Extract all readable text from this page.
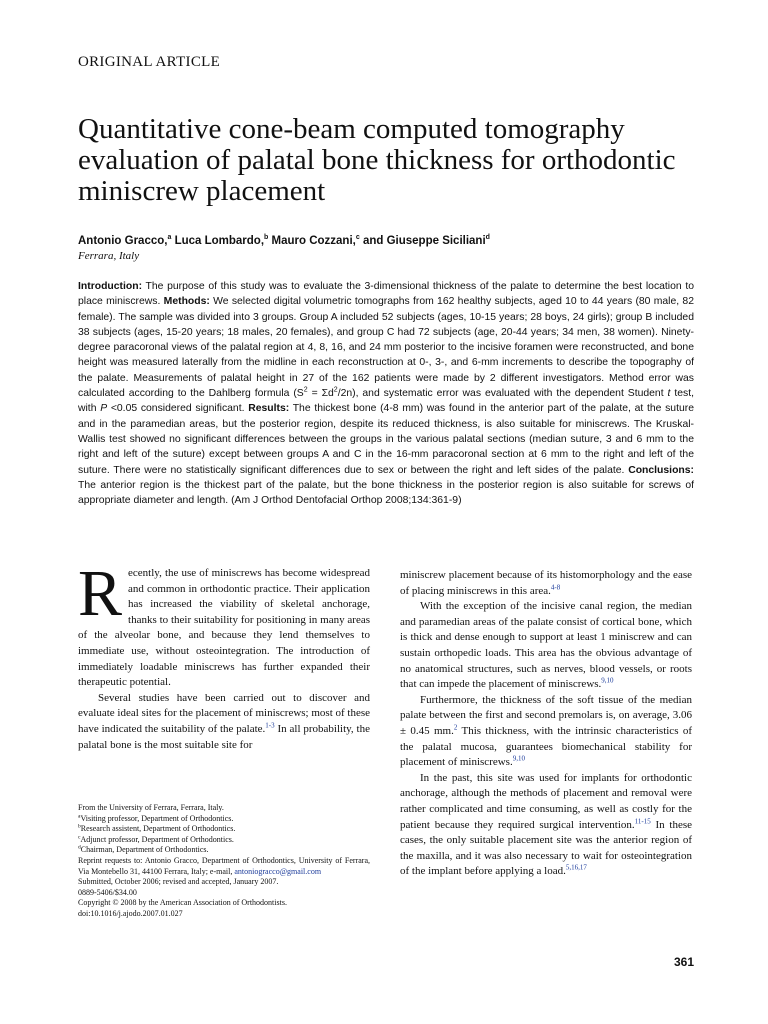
ORIGINAL ARTICLE
Quantitative cone-beam computed tomography evaluation of palatal bone thickness for orthodontic miniscrew placement
Antonio Gracco,$^a$ Luca Lombardo,$^b$ Mauro Cozzani,$^c$ and Giuseppe Siciliani$^d$
Ferrara, Italy

Introduction: The purpose of this study was to evaluate the 3-dimensional thickness of the palate to determine the best location to place miniscrews. Methods: We selected digital volumetric tomographs from 162 healthy subjects, aged 10 to 44 years (80 male, 82 female). The sample was divided into 3 groups. Group A included 52 subjects (ages, 10-15 years; 28 boys, 24 girls); group B included 38 subjects (ages, 15-20 years; 18 males, 20 females), and group C had 72 subjects (age, 20-44 years; 34 men, 38 women). Ninety-degree paracoronal views of the palatal region at 4, 8, 16, and 24 mm posterior to the incisive foramen were reconstructed, and bone height was measured laterally from the midline in each reconstruction at 0-, 3-, and 6-mm increments to describe the topography of the palate. Measurements of palatal height in 27 of the 162 patients were made by 2 different investigators. Method error was calculated according to the Dahlberg formula $(S^2 = \Sigma d^2/2n)$, and systematic error was evaluated with the dependent Student t test, with P <0.05 considered significant. Results: The thickest bone (4-8 mm) was found in the anterior part of the palate, at the suture and in the paramedian areas, but the posterior region, despite its reduced thickness, is also suitable for miniscrews. The Kruskal-Wallis test showed no significant differences between the groups in the various palatal sections (median suture, 3 and 6 mm to the right and left of the suture) except between groups A and C in the 16-mm paracoronal section at 6 mm to the right and left of the suture. There were no statistically significant differences due to sex or between the right and left sides of the palate. Conclusions: The anterior region is the thickest part of the palate, but the bone thickness in the posterior region is also suitable for screws of appropriate diameter and length. (Am J Orthod Dentofacial Orthop 2008;134:361-9)

Recently, the use of miniscrews has become widespread and common in orthodontic practice. Their application has increased the viability of skeletal anchorage, thanks to their suitability for positioning in many areas of the alveolar bone, and because they lend themselves to immediate use, without osteointegration. The introduction of immediately loadable miniscrews has further expanded their therapeutic potential.

Several studies have been carried out to discover and evaluate ideal sites for the placement of miniscrews; most of these have indicated the suitability of the palate.$^{1-3}$ In all probability, the palatal bone is the most suitable site for

From the University of Ferrara, Ferrara, Italy.
$^a$Visiting professor, Department of Orthodontics.
$^b$Research assistent, Department of Orthodontics.
$^c$Adjunct professor, Department of Orthodontics.
$^d$Chairman, Department of Orthodontics.
Reprint requests to: Antonio Gracco, Department of Orthodontics, University of Ferrara, Via Montebello 31, 44100 Ferrara, Italy; e-mail, antoniogracco@gmail.com
Submitted, October 2006; revised and accepted, January 2007.
0889-5406/$34.00
Copyright © 2008 by the American Association of Orthodontists.
doi:10.1016/j.ajodo.2007.01.027

miniscrew placement because of its histomorphology and the ease of placing miniscrews in this area.$^{4-8}$

With the exception of the incisive canal region, the median and paramedian areas of the palate consist of cortical bone, which is thick and dense enough to support at least 1 miniscrew and can sustain orthopedic loads. This area has the obvious advantage of no anatomical structures, such as nerves, blood vessels, or roots that can impede the placement of miniscrews.$^{9,10}$

Furthermore, the thickness of the soft tissue of the median palate between the first and second premolars is, on average, 3.06 ± 0.45 mm.$^2$ This thickness, with the intrinsic characteristics of the palatal mucosa, guarantees biomechanical stability for placement of miniscrews.$^{9,10}$

In the past, this site was used for implants for orthodontic anchorage, although the methods of placement and removal were rather complicated and time consuming, as well as costly for the patient because they required surgical intervention.$^{11-15}$ In these cases, the only suitable placement site was the anterior region of the maxilla, and it was also necessary to wait for osteointegration of the implant before applying a load.$^{5,16,17}$

361
